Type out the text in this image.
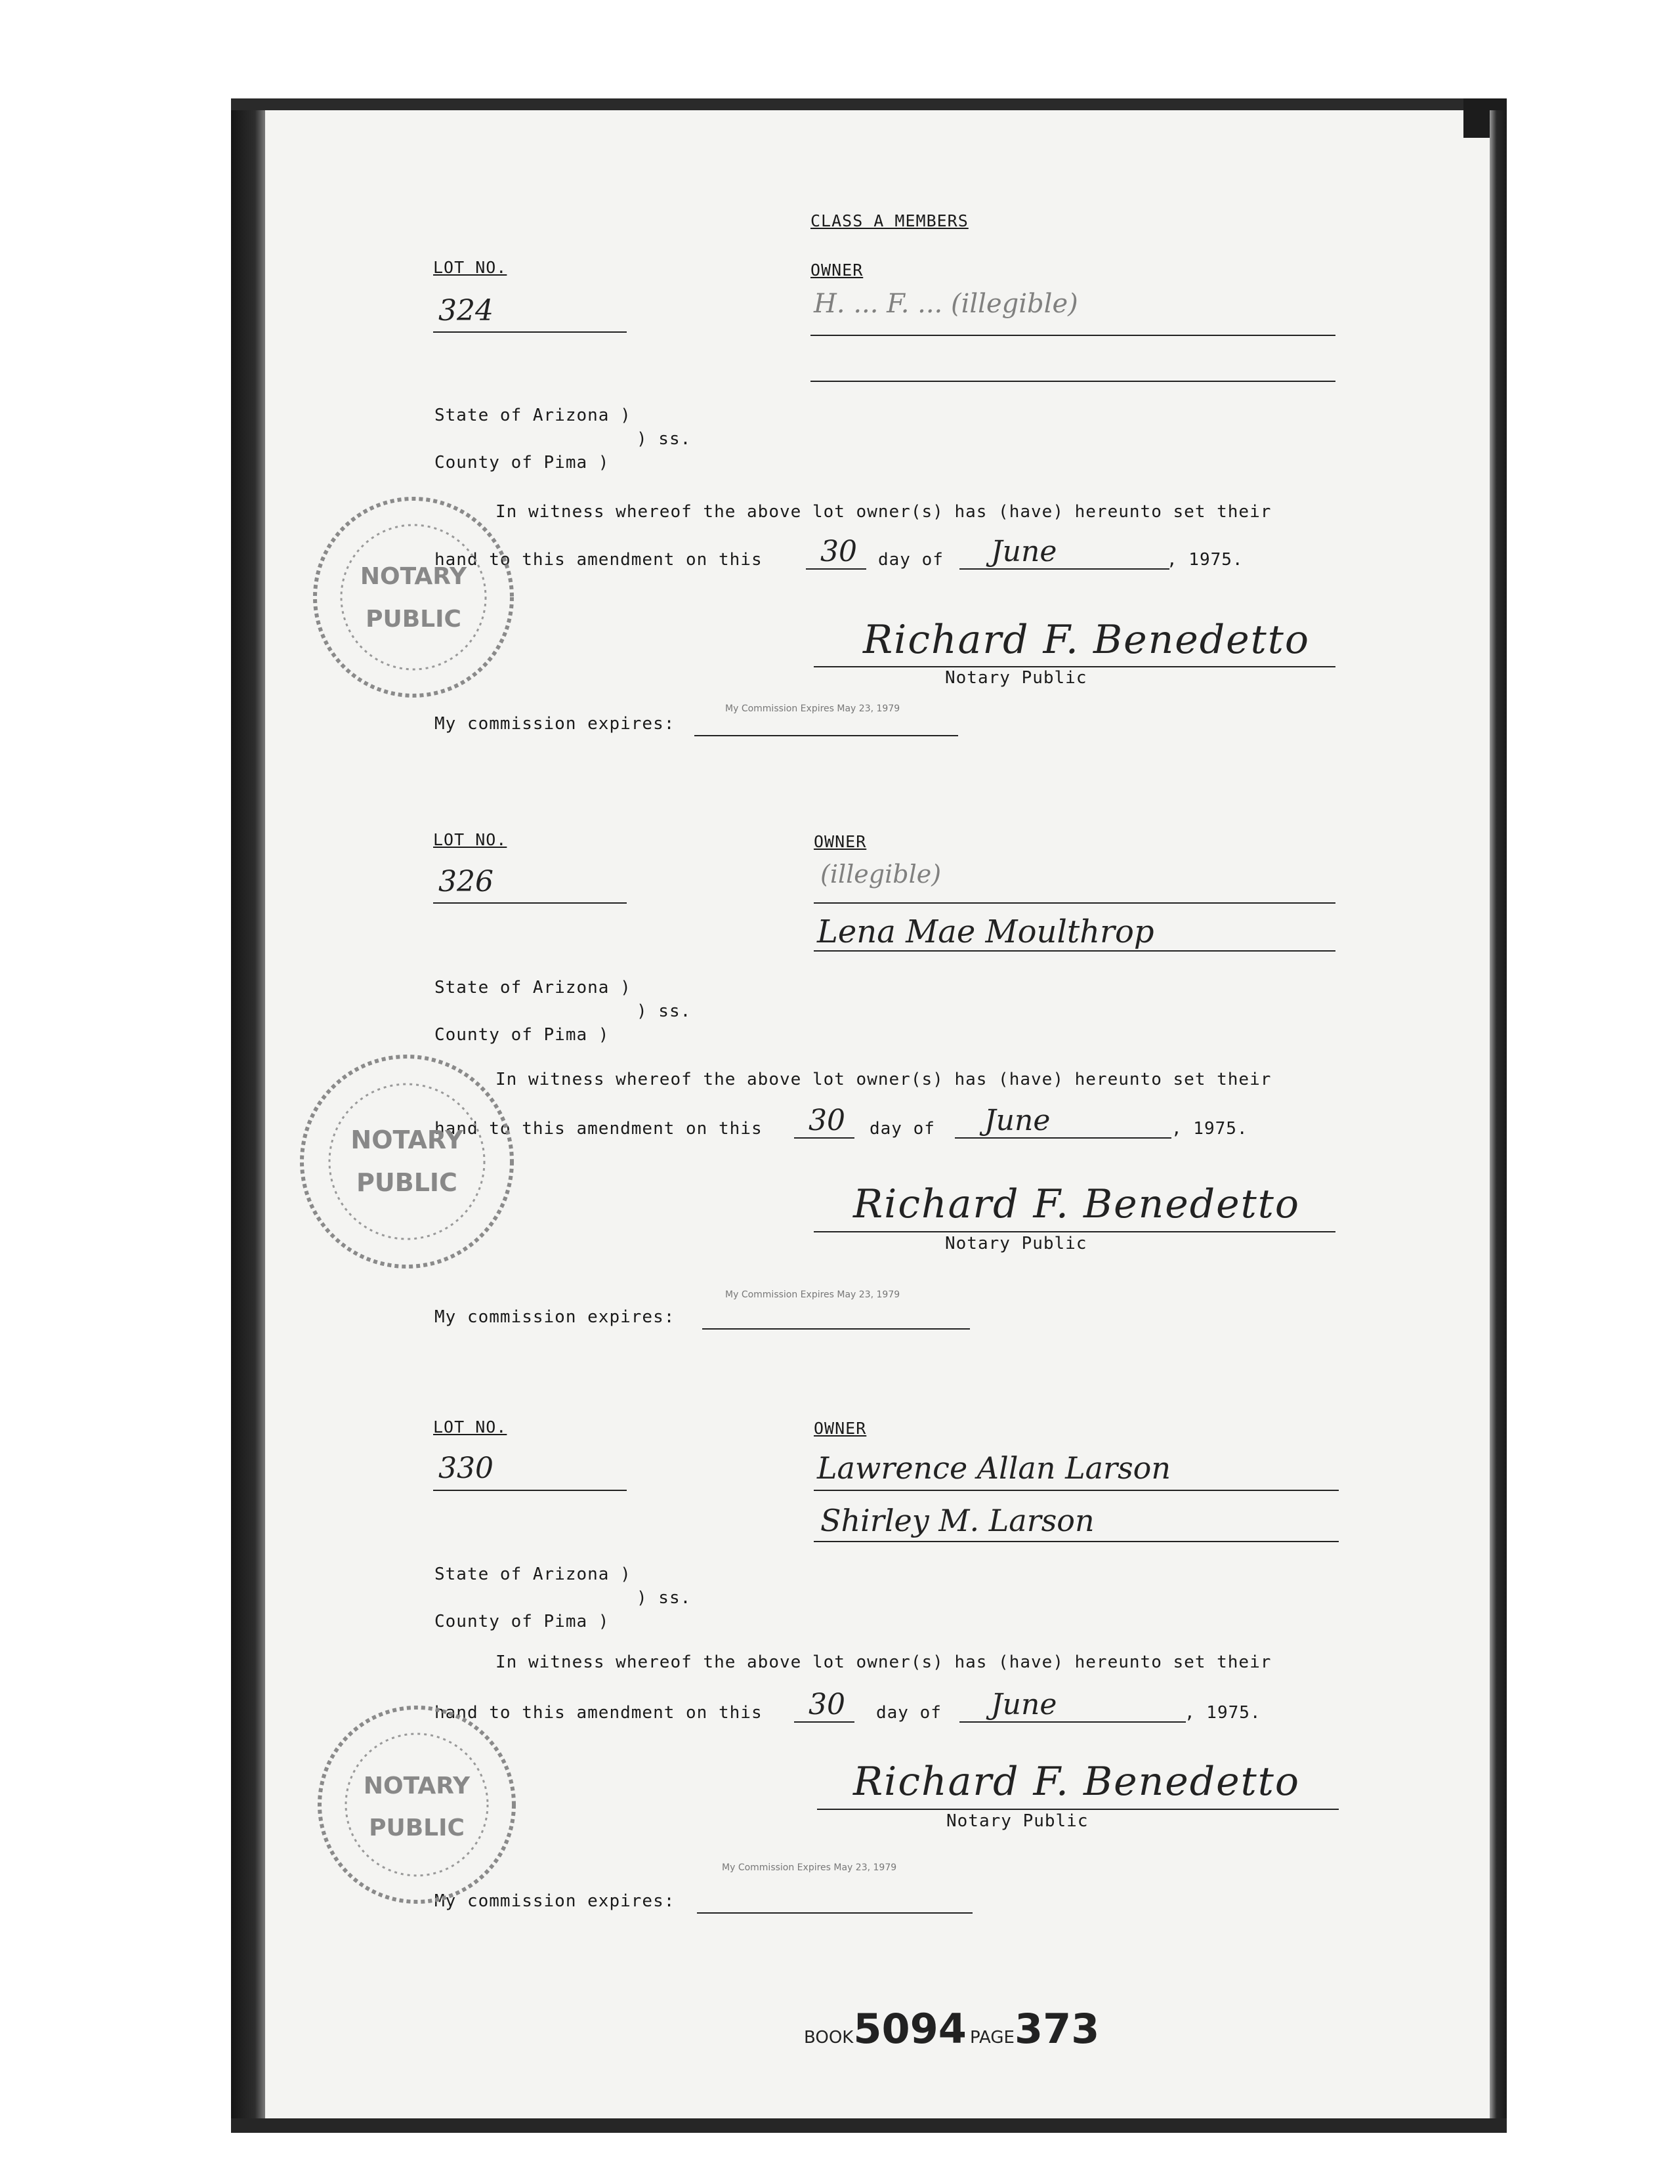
CLASS A MEMBERS
LOT NO.	OWNER
324	H. ... F. ... (illegible)
State of Arizona )
) ss.
County of Pima )
In witness whereof the above lot owner(s) has (have) hereunto set their
hand to this amendment on this 30 day of June	, 1975.
Richard F. Benedetto
Notary Public
My Commission Expires May 23, 1979
My commission expires:
NOTARY
PUBLIC
LOT NO.	OWNER
326	(illegible)
Lena Mae Moulthrop
State of Arizona )
) ss.
County of Pima )
In witness whereof the above lot owner(s) has (have) hereunto set their
hand to this amendment on this 30 day of June	, 1975.
Richard F. Benedetto
Notary Public
My Commission Expires May 23, 1979
My commission expires:
NOTARY
PUBLIC
LOT NO.	OWNER
330	Lawrence Allan Larson
Shirley M. Larson
State of Arizona )
) ss.
County of Pima )
In witness whereof the above lot owner(s) has (have) hereunto set their
hand to this amendment on this 30 day of June	, 1975.
Richard F. Benedetto
Notary Public
My Commission Expires May 23, 1979
My commission expires:
NOTARY
PUBLIC
BOOK5094 PAGE373
